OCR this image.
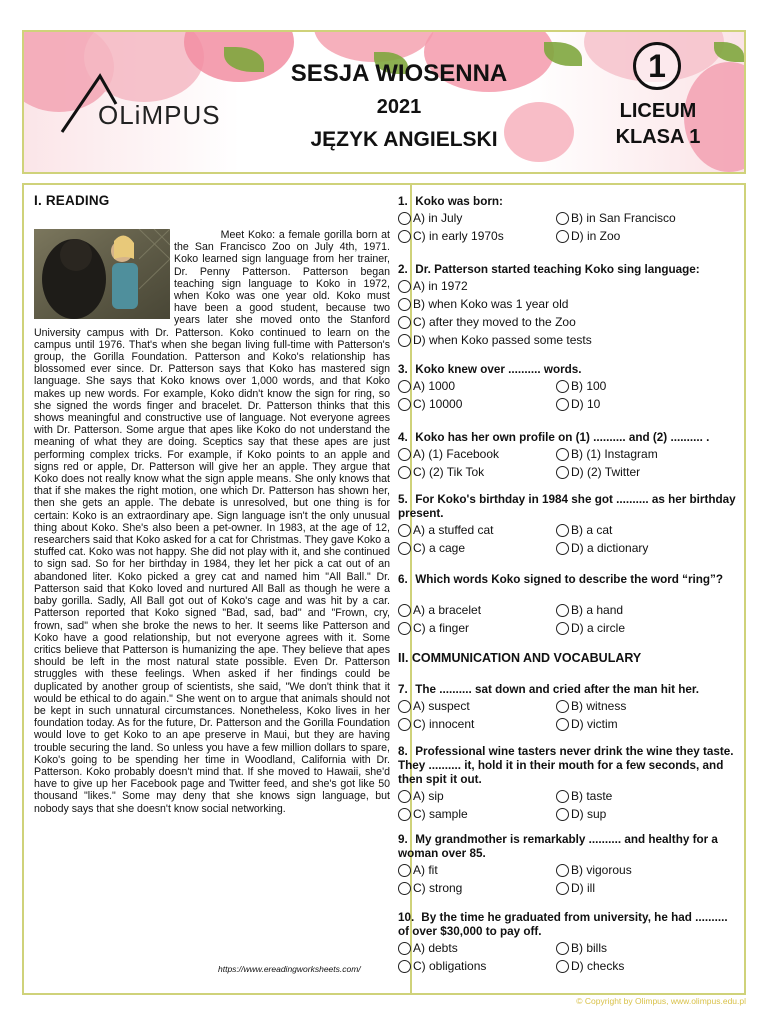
OLiMPUS
SESJA WIOSENNA
2021
JĘZYK ANGIELSKI
1
LICEUM
KLASA 1
I. READING

Meet Koko: a female gorilla born at the San Francisco Zoo on July 4th, 1971. Koko learned sign language from her trainer, Dr. Penny Patterson. Patterson began teaching sign language to Koko in 1972, when Koko was one year old. Koko must have been a good student, because two years later she moved onto the Stanford University campus with Dr. Patterson. Koko continued to learn on the campus until 1976. That's when she began living full-time with Patterson's group, the Gorilla Foundation. Patterson and Koko's relationship has blossomed ever since. Dr. Patterson says that Koko has mastered sign language. She says that Koko knows over 1,000 words, and that Koko makes up new words. For example, Koko didn't know the sign for ring, so she signed the words finger and bracelet. Dr. Patterson thinks that this shows meaningful and constructive use of language. Not everyone agrees with Dr. Patterson. Some argue that apes like Koko do not understand the meaning of what they are doing. Sceptics say that these apes are just performing complex tricks. For example, if Koko points to an apple and signs red or apple, Dr. Patterson will give her an apple. They argue that Koko does not really know what the sign apple means. She only knows that that if she makes the right motion, one which Dr. Patterson has shown her, then she gets an apple. The debate is unresolved, but one thing is for certain: Koko is an extraordinary ape. Sign language isn't the only unusual thing about Koko. She's also been a pet-owner. In 1983, at the age of 12, researchers said that Koko asked for a cat for Christmas. They gave Koko a stuffed cat. Koko was not happy. She did not play with it, and she continued to sign sad. So for her birthday in 1984, they let her pick a cat out of an abandoned liter. Koko picked a grey cat and named him "All Ball." Dr. Patterson said that Koko loved and nurtured All Ball as though he were a baby gorilla. Sadly, All Ball got out of Koko's cage and was hit by a car. Patterson reported that Koko signed "Bad, sad, bad" and "Frown, cry, frown, sad" when she broke the news to her. It seems like Patterson and Koko have a good relationship, but not everyone agrees with it. Some critics believe that Patterson is humanizing the ape. They believe that apes should be left in the most natural state possible. Even Dr. Patterson struggles with these feelings. When asked if her findings could be duplicated by another group of scientists, she said, "We don't think that it would be ethical to do again." She went on to argue that animals should not be kept in such unnatural circumstances. Nonetheless, Koko lives in her foundation today. As for the future, Dr. Patterson and the Gorilla Foundation would love to get Koko to an ape preserve in Maui, but they are having trouble securing the land. So unless you have a few million dollars to spare, Koko's going to be spending her time in Woodland, California with Dr. Patterson. Koko probably doesn't mind that. If she moved to Hawaii, she'd have to give up her Facebook page and Twitter feed, and she's got like 50 thousand "likes." Some may deny that she knows sign language, but nobody says that she doesn't know social networking.

https://www.ereadingworksheets.com/
1. Koko was born:
A) in July	B) in San Francisco
C) in early 1970s	D) in Zoo
2. Dr. Patterson started teaching Koko sing language:
A) in 1972
B) when Koko was 1 year old
C) after they moved to the Zoo
D) when Koko passed some tests
3. Koko knew over .......... words.
A) 1000	B) 100
C) 10000	D) 10
4. Koko has her own profile on (1) .......... and (2) .......... .
A) (1) Facebook	B) (1) Instagram
C) (2) Tik Tok	D) (2) Twitter
5. For Koko's birthday in 1984 she got .......... as her birthday present.
A) a stuffed cat	B) a cat
C) a cage	D) a dictionary
6. Which words Koko signed to describe the word “ring”?
A) a bracelet	B) a hand
C) a finger	D) a circle
7. The .......... sat down and cried after the man hit her.
A) suspect	B) witness
C) innocent	D) victim
8. Professional wine tasters never drink the wine they taste. They .......... it, hold it in their mouth for a few seconds, and then spit it out.
A) sip	B) taste
C) sample	D) sup
9. My grandmother is remarkably .......... and healthy for a woman over 85.
A) fit	B) vigorous
C) strong	D) ill
10. By the time he graduated from university, he had .......... of over $30,000 to pay off.
A) debts	B) bills
C) obligations	D) checks
II. COMMUNICATION AND VOCABULARY
© Copyright by Olimpus, www.olimpus.edu.pl
